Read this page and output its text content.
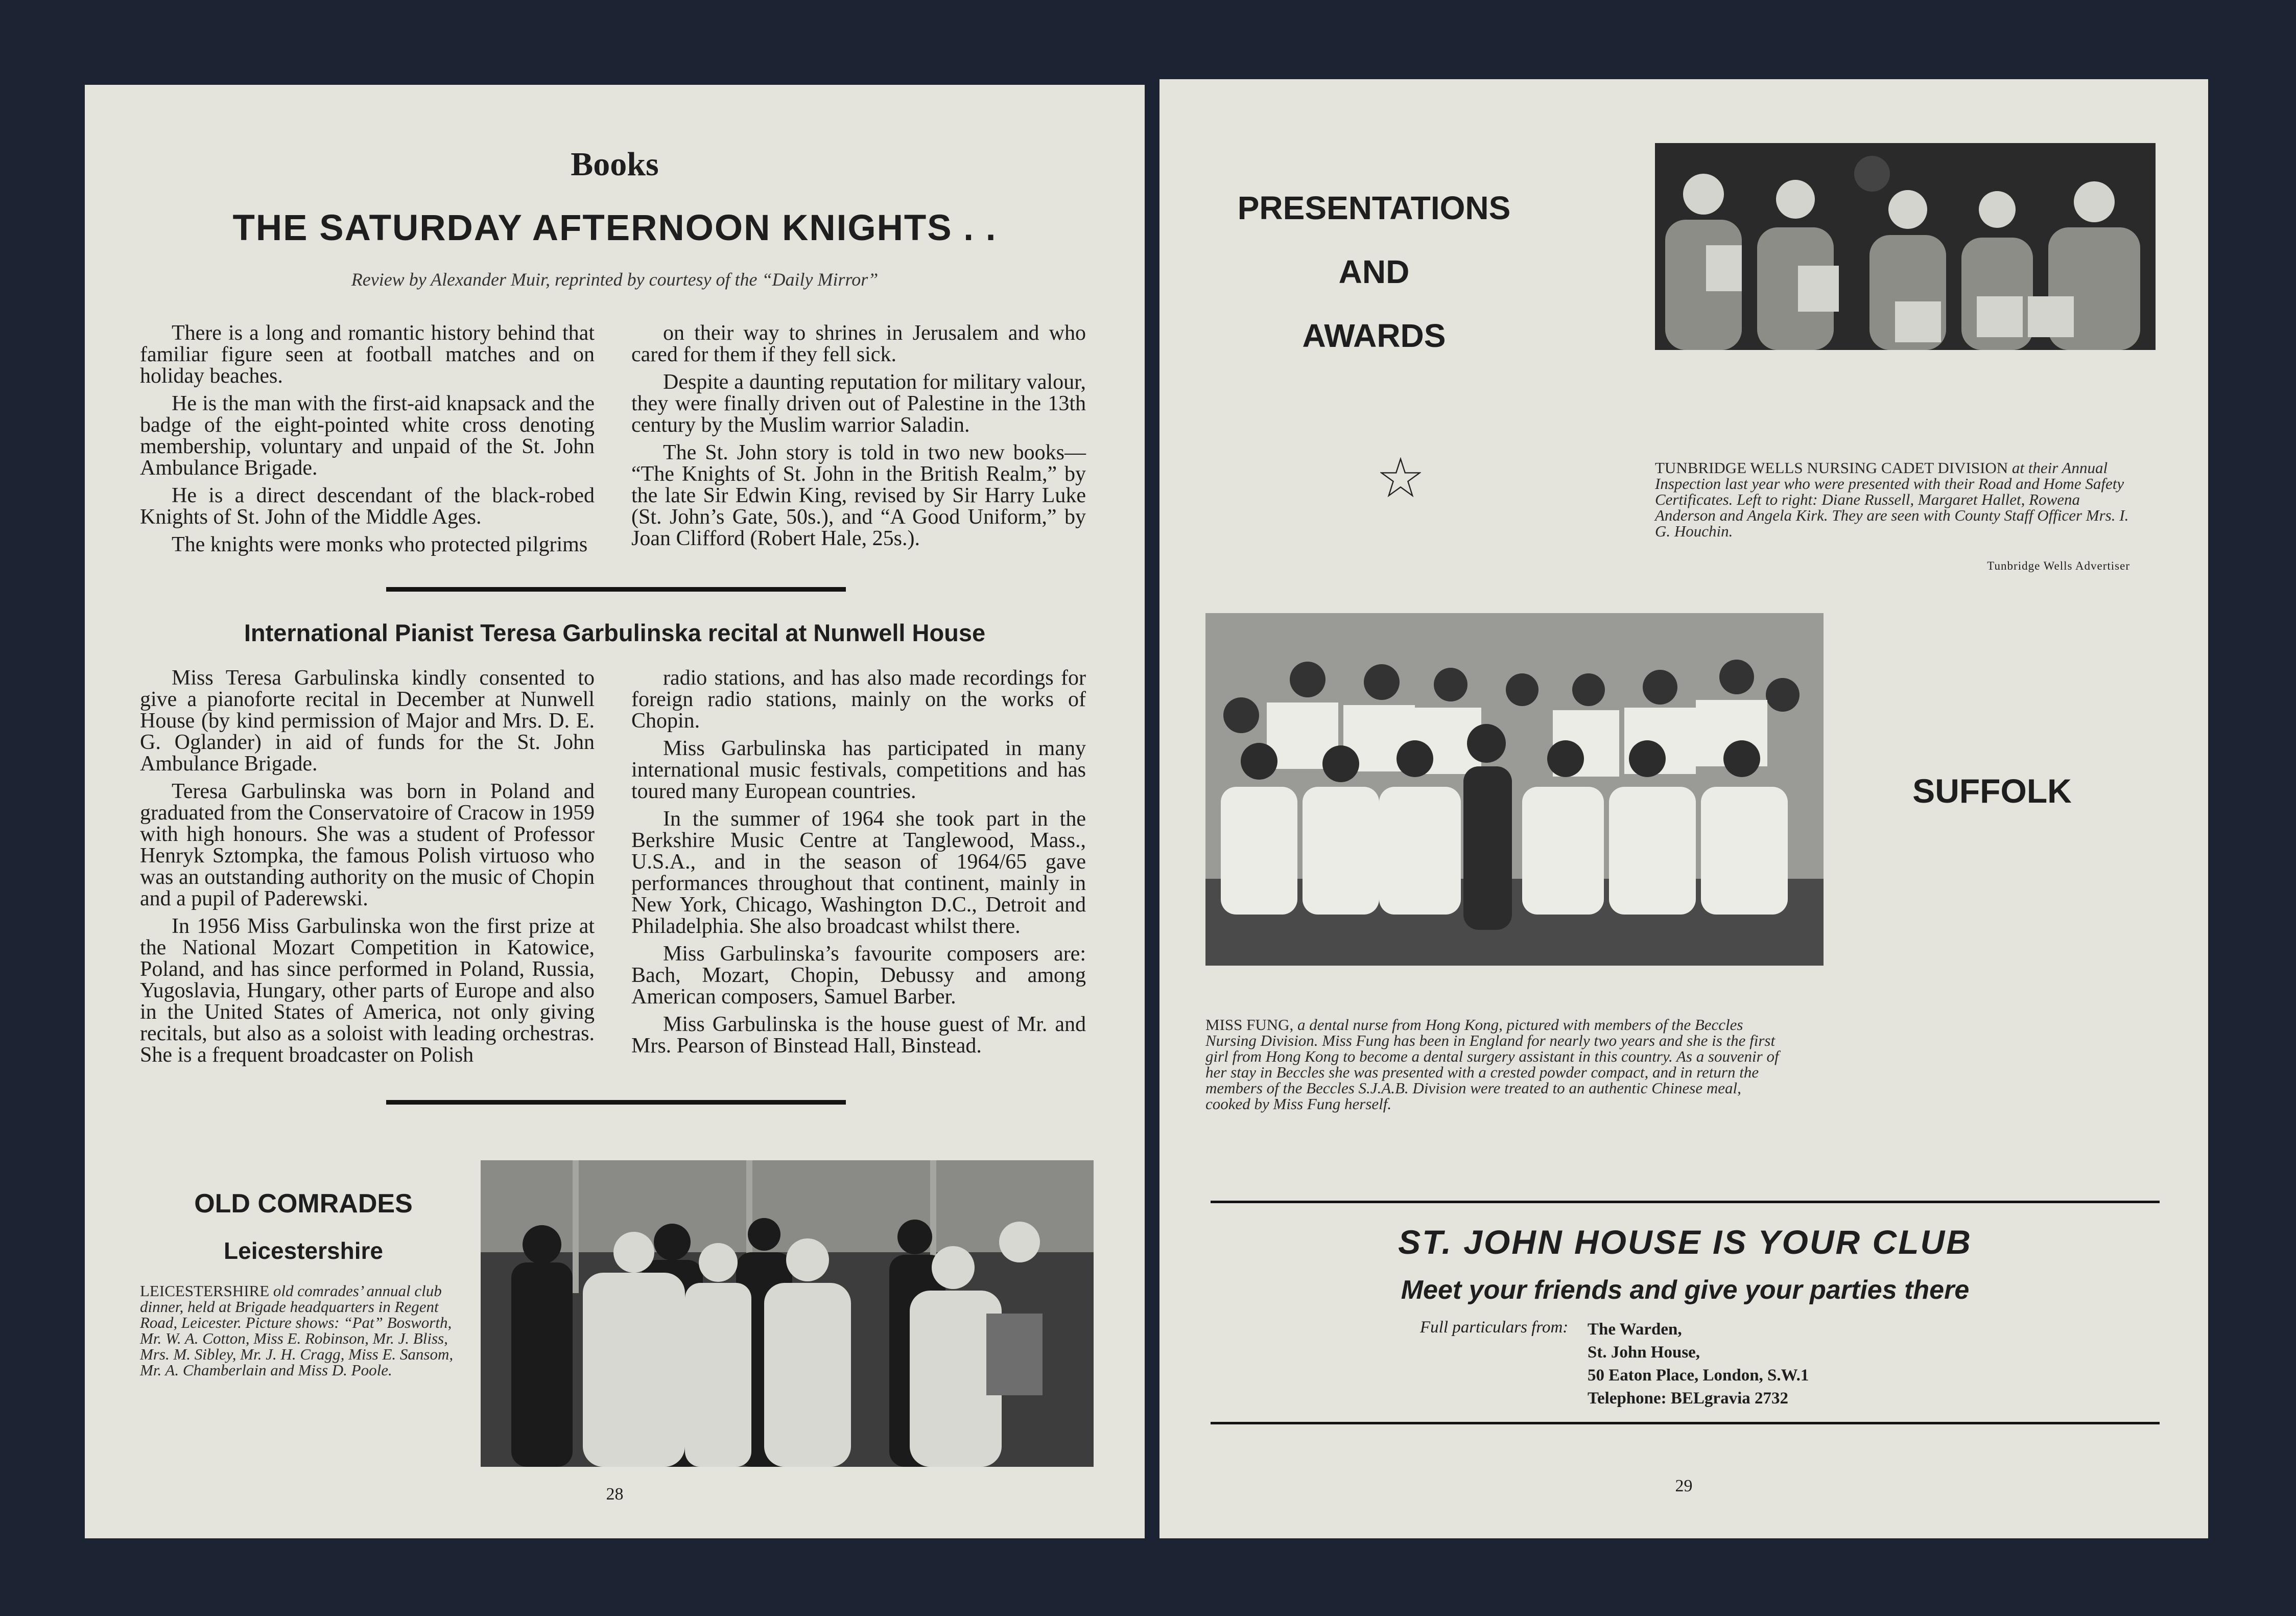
Books
THE SATURDAY AFTERNOON KNIGHTS . .
Review by Alexander Muir, reprinted by courtesy of the “Daily Mirror”

There is a long and romantic history behind that familiar figure seen at football matches and on holiday beaches.

He is the man with the first-aid knapsack and the badge of the eight-pointed white cross denoting membership, voluntary and unpaid of the St. John Ambulance Brigade.

He is a direct descendant of the black-robed Knights of St. John of the Middle Ages.

The knights were monks who protected pilgrims

on their way to shrines in Jerusalem and who cared for them if they fell sick.

Despite a daunting reputation for military valour, they were finally driven out of Palestine in the 13th century by the Muslim warrior Saladin.

The St. John story is told in two new books— “The Knights of St. John in the British Realm,” by the late Sir Edwin King, revised by Sir Harry Luke (St. John’s Gate, 50s.), and “A Good Uniform,” by Joan Clifford (Robert Hale, 25s.).

International Pianist Teresa Garbulinska recital at Nunwell House

Miss Teresa Garbulinska kindly consented to give a pianoforte recital in December at Nunwell House (by kind permission of Major and Mrs. D. E. G. Oglander) in aid of funds for the St. John Ambulance Brigade.

Teresa Garbulinska was born in Poland and graduated from the Conservatoire of Cracow in 1959 with high honours. She was a student of Professor Henryk Sztompka, the famous Polish virtuoso who was an outstanding authority on the music of Chopin and a pupil of Paderewski.

In 1956 Miss Garbulinska won the first prize at the National Mozart Competition in Katowice, Poland, and has since performed in Poland, Russia, Yugoslavia, Hungary, other parts of Europe and also in the United States of America, not only giving recitals, but also as a soloist with leading orchestras. She is a frequent broadcaster on Polish

radio stations, and has also made recordings for foreign radio stations, mainly on the works of Chopin.

Miss Garbulinska has participated in many international music festivals, competitions and has toured many European countries.

In the summer of 1964 she took part in the Berkshire Music Centre at Tanglewood, Mass., U.S.A., and in the season of 1964/65 gave performances throughout that continent, mainly in New York, Chicago, Washington D.C., Detroit and Philadelphia. She also broadcast whilst there.

Miss Garbulinska’s favourite composers are: Bach, Mozart, Chopin, Debussy and among American composers, Samuel Barber.

Miss Garbulinska is the house guest of Mr. and Mrs. Pearson of Binstead Hall, Binstead.

OLD COMRADES
Leicestershire
LEICESTERSHIRE old comrades’ annual club dinner, held at Brigade headquarters in Regent Road, Leicester. Picture shows: “Pat” Bosworth, Mr. W. A. Cotton, Miss E. Robinson, Mr. J. Bliss, Mrs. M. Sibley, Mr. J. H. Cragg, Miss E. Sansom, Mr. A. Chamberlain and Miss D. Poole.
28
PRESENTATIONS
AND
AWARDS
TUNBRIDGE WELLS NURSING CADET DIVISION at their Annual Inspection last year who were presented with their Road and Home Safety Certificates. Left to right: Diane Russell, Margaret Hallet, Rowena Anderson and Angela Kirk. They are seen with County Staff Officer Mrs. I. G. Houchin.
Tunbridge Wells Advertiser
MISS FUNG, a dental nurse from Hong Kong, pictured with members of the Beccles Nursing Division. Miss Fung has been in England for nearly two years and she is the first girl from Hong Kong to become a dental surgery assistant in this country. As a souvenir of her stay in Beccles she was presented with a crested powder compact, and in return the members of the Beccles S.J.A.B. Division were treated to an authentic Chinese meal, cooked by Miss Fung herself.
SUFFOLK
ST. JOHN HOUSE IS YOUR CLUB
Meet your friends and give your parties there
Full particulars from:	The Warden,
St. John House,
50 Eaton Place, London, S.W.1
Telephone: BELgravia 2732
29
